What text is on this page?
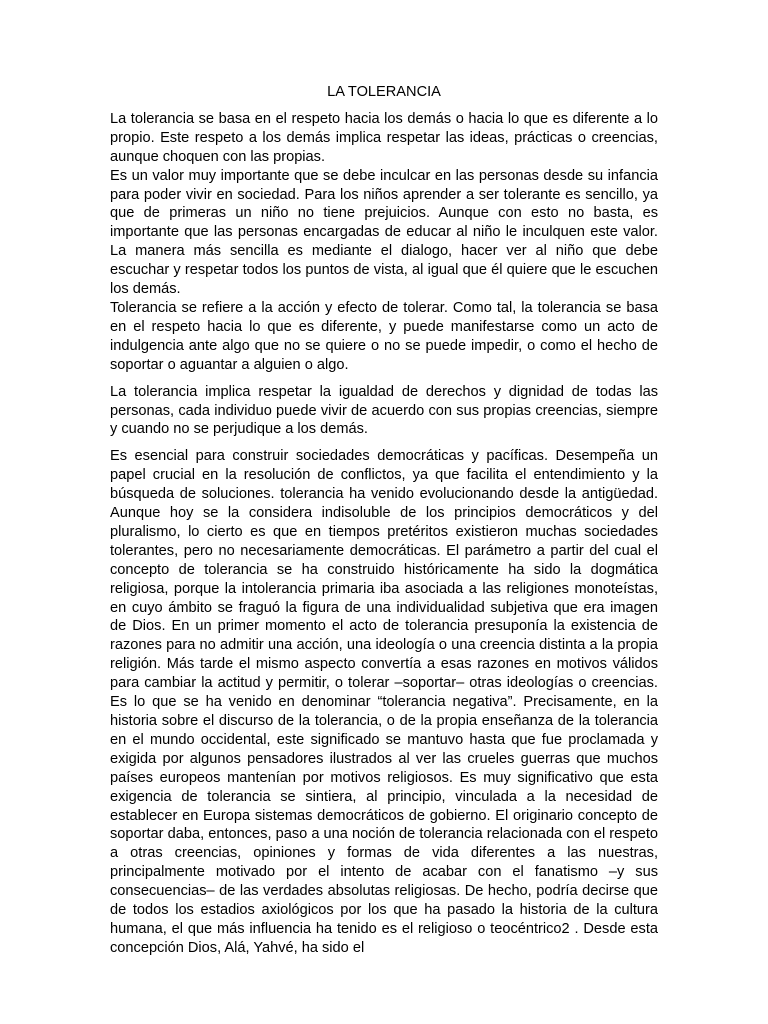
LA TOLERANCIA

La tolerancia se basa en el respeto hacia los demás o hacia lo que es diferente a lo propio. Este respeto a los demás implica respetar las ideas, prácticas o creencias, aunque choquen con las propias.

Es un valor muy importante que se debe inculcar en las personas desde su infancia para poder vivir en sociedad. Para los niños aprender a ser tolerante es sencillo, ya que de primeras un niño no tiene prejuicios. Aunque con esto no basta, es importante que las personas encargadas de educar al niño le inculquen este valor. La manera más sencilla es mediante el dialogo, hacer ver al niño que debe escuchar y respetar todos los puntos de vista, al igual que él quiere que le escuchen los demás.

Tolerancia se refiere a la acción y efecto de tolerar. Como tal, la tolerancia se basa en el respeto hacia lo que es diferente, y puede manifestarse como un acto de indulgencia ante algo que no se quiere o no se puede impedir, o como el hecho de soportar o aguantar a alguien o algo.

La tolerancia implica respetar la igualdad de derechos y dignidad de todas las personas, cada individuo puede vivir de acuerdo con sus propias creencias, siempre y cuando no se perjudique a los demás.

Es esencial para construir sociedades democráticas y pacíficas. Desempeña un papel crucial en la resolución de conflictos, ya que facilita el entendimiento y la búsqueda de soluciones. tolerancia ha venido evolucionando desde la antigüedad. Aunque hoy se la considera indisoluble de los principios democráticos y del pluralismo, lo cierto es que en tiempos pretéritos existieron muchas sociedades tolerantes, pero no necesariamente democráticas. El parámetro a partir del cual el concepto de tolerancia se ha construido históricamente ha sido la dogmática religiosa, porque la intolerancia primaria iba asociada a las religiones monoteístas, en cuyo ámbito se fraguó la figura de una individualidad subjetiva que era imagen de Dios. En un primer momento el acto de tolerancia presuponía la existencia de razones para no admitir una acción, una ideología o una creencia distinta a la propia religión. Más tarde el mismo aspecto convertía a esas razones en motivos válidos para cambiar la actitud y permitir, o tolerar –soportar– otras ideologías o creencias. Es lo que se ha venido en denominar “tolerancia negativa”. Precisamente, en la historia sobre el discurso de la tolerancia, o de la propia enseñanza de la tolerancia en el mundo occidental, este significado se mantuvo hasta que fue proclamada y exigida por algunos pensadores ilustrados al ver las crueles guerras que muchos países europeos mantenían por motivos religiosos. Es muy significativo que esta exigencia de tolerancia se sintiera, al principio, vinculada a la necesidad de establecer en Europa sistemas democráticos de gobierno. El originario concepto de soportar daba, entonces, paso a una noción de tolerancia relacionada con el respeto a otras creencias, opiniones y formas de vida diferentes a las nuestras, principalmente motivado por el intento de acabar con el fanatismo –y sus consecuencias– de las verdades absolutas religiosas. De hecho, podría decirse que de todos los estadios axiológicos por los que ha pasado la historia de la cultura humana, el que más influencia ha tenido es el religioso o teocéntrico2 . Desde esta concepción Dios, Alá, Yahvé, ha sido el
